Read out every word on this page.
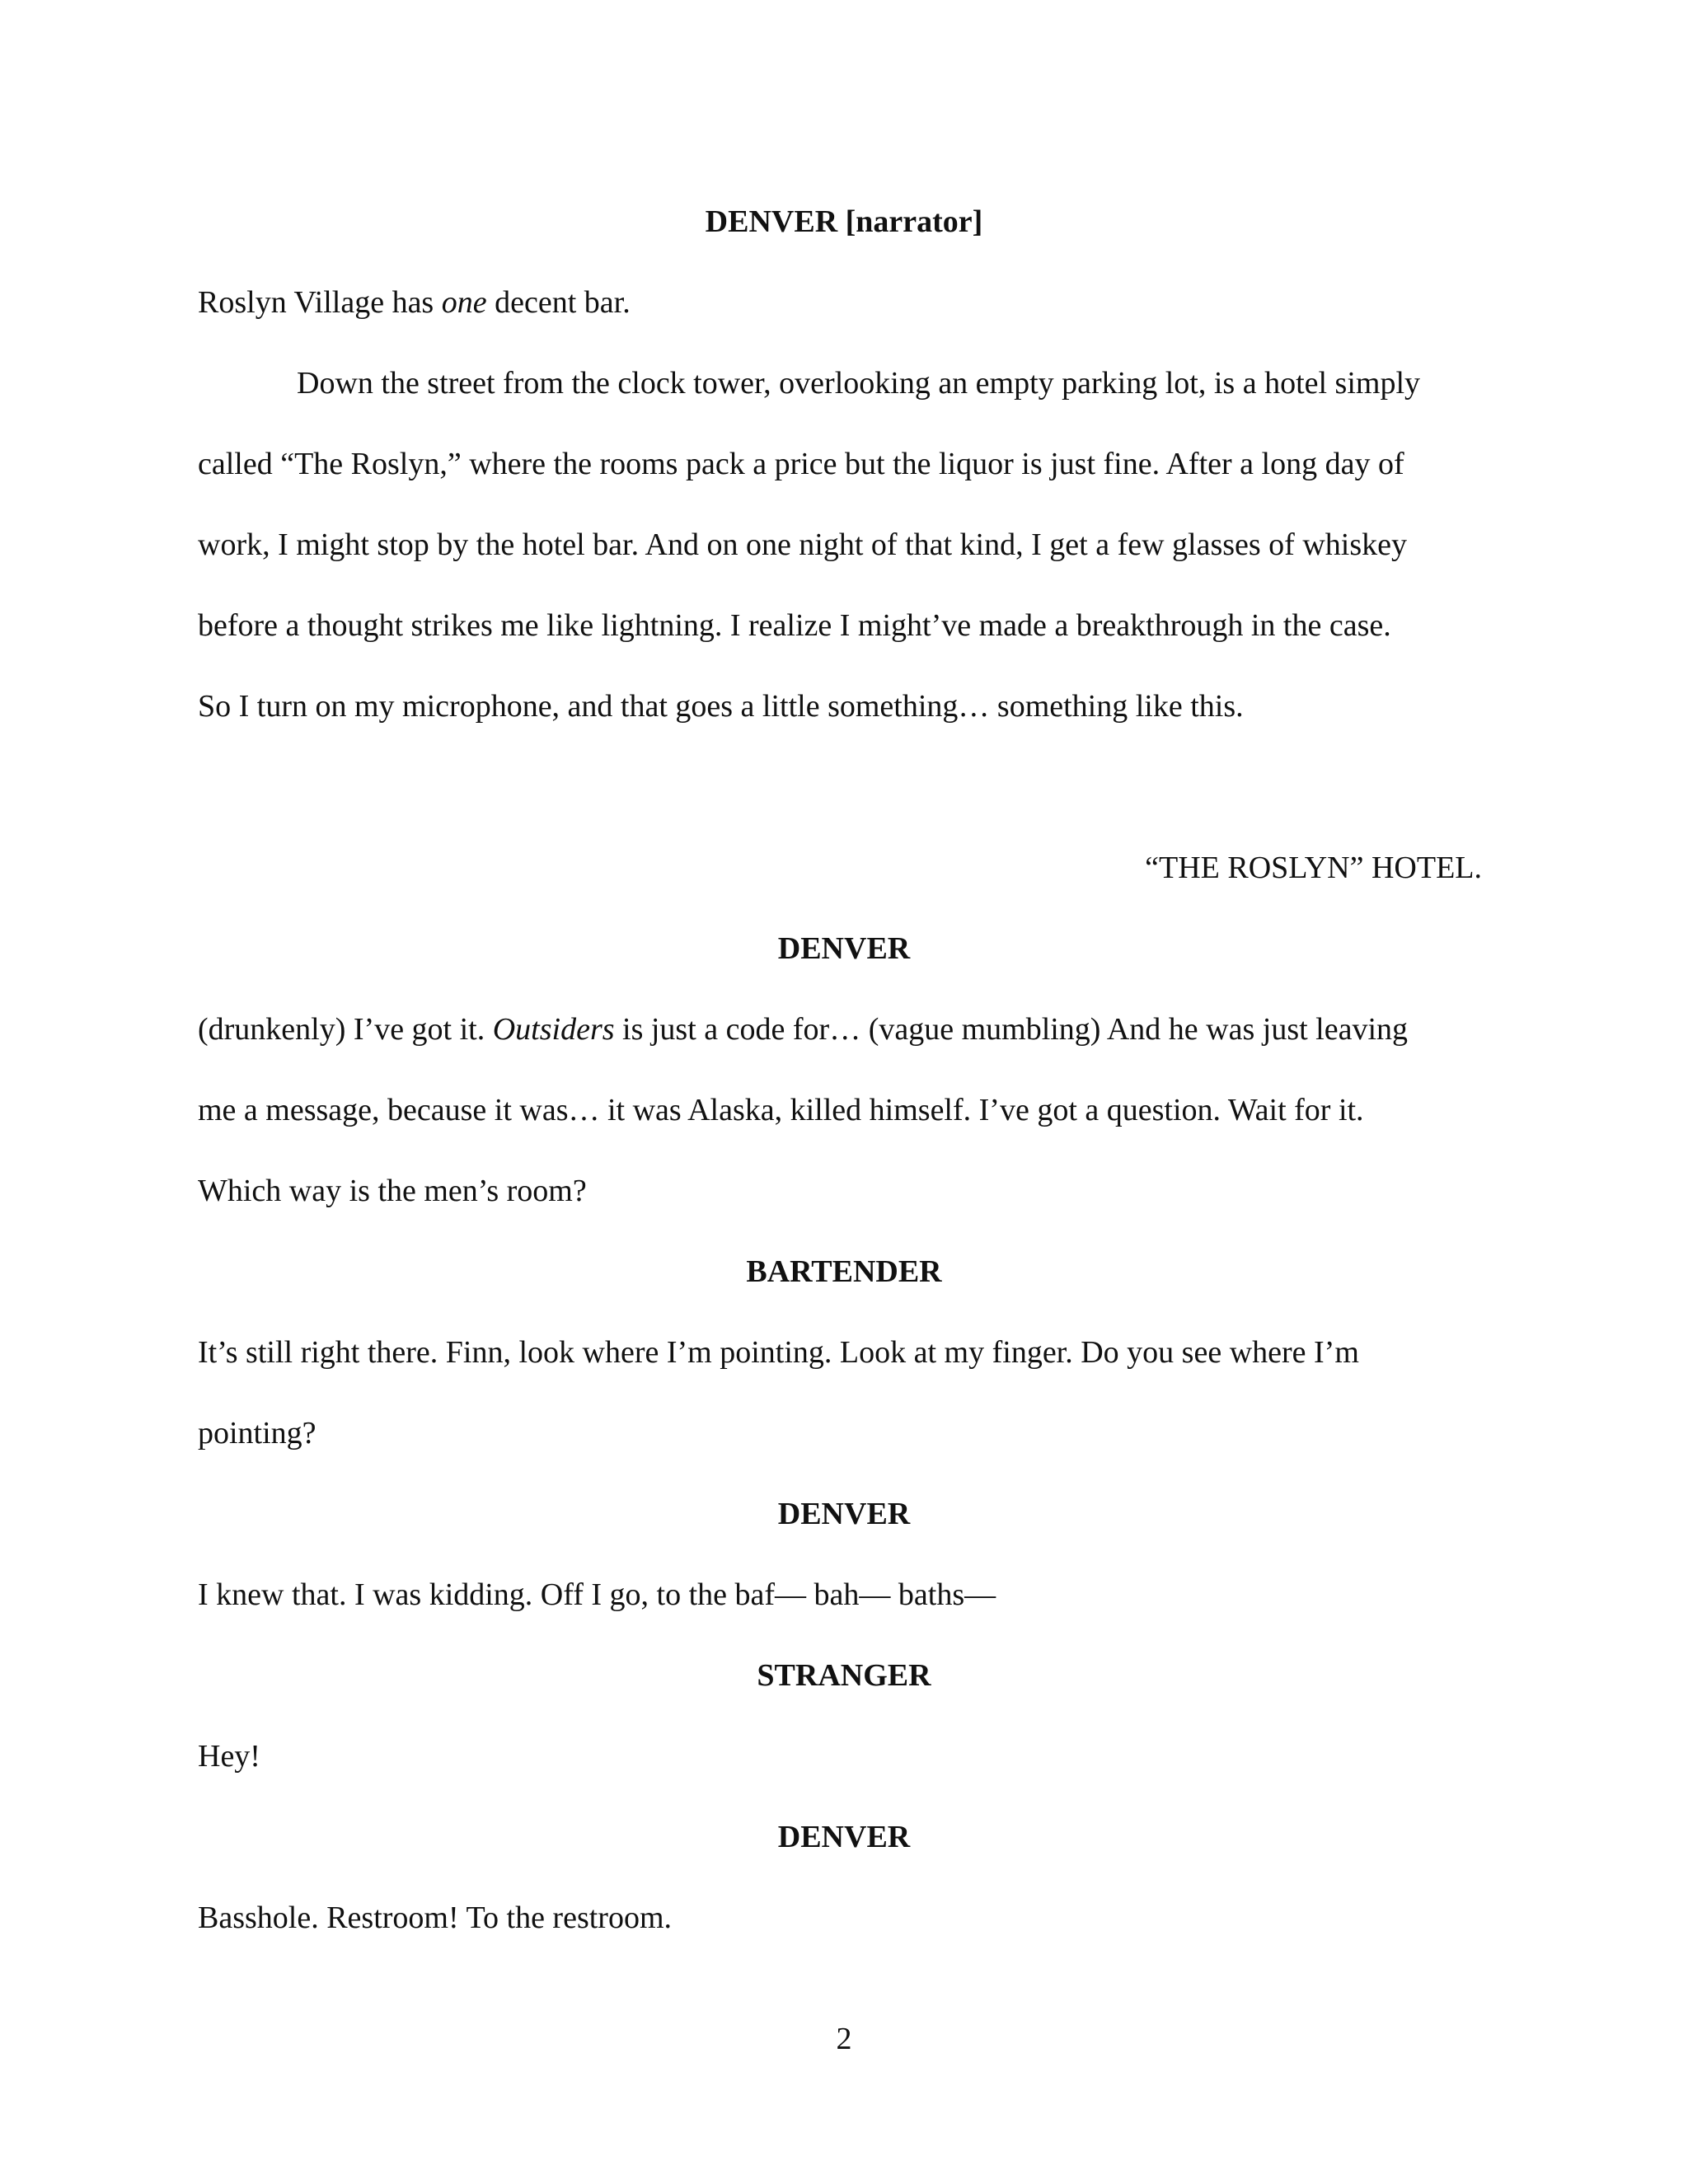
DENVER [narrator]
Roslyn Village has one decent bar.
Down the street from the clock tower, overlooking an empty parking lot, is a hotel simply
called “The Roslyn,” where the rooms pack a price but the liquor is just fine. After a long day of
work, I might stop by the hotel bar. And on one night of that kind, I get a few glasses of whiskey
before a thought strikes me like lightning. I realize I might’ve made a breakthrough in the case.
So I turn on my microphone, and that goes a little something… something like this.
“THE ROSLYN” HOTEL.
DENVER
(drunkenly) I’ve got it. Outsiders is just a code for… (vague mumbling) And he was just leaving
me a message, because it was… it was Alaska, killed himself. I’ve got a question. Wait for it.
Which way is the men’s room?
BARTENDER
It’s still right there. Finn, look where I’m pointing. Look at my finger. Do you see where I’m
pointing?
DENVER
I knew that. I was kidding. Off I go, to the baf— bah— baths—
STRANGER
Hey!
DENVER
Basshole. Restroom! To the restroom.
2
